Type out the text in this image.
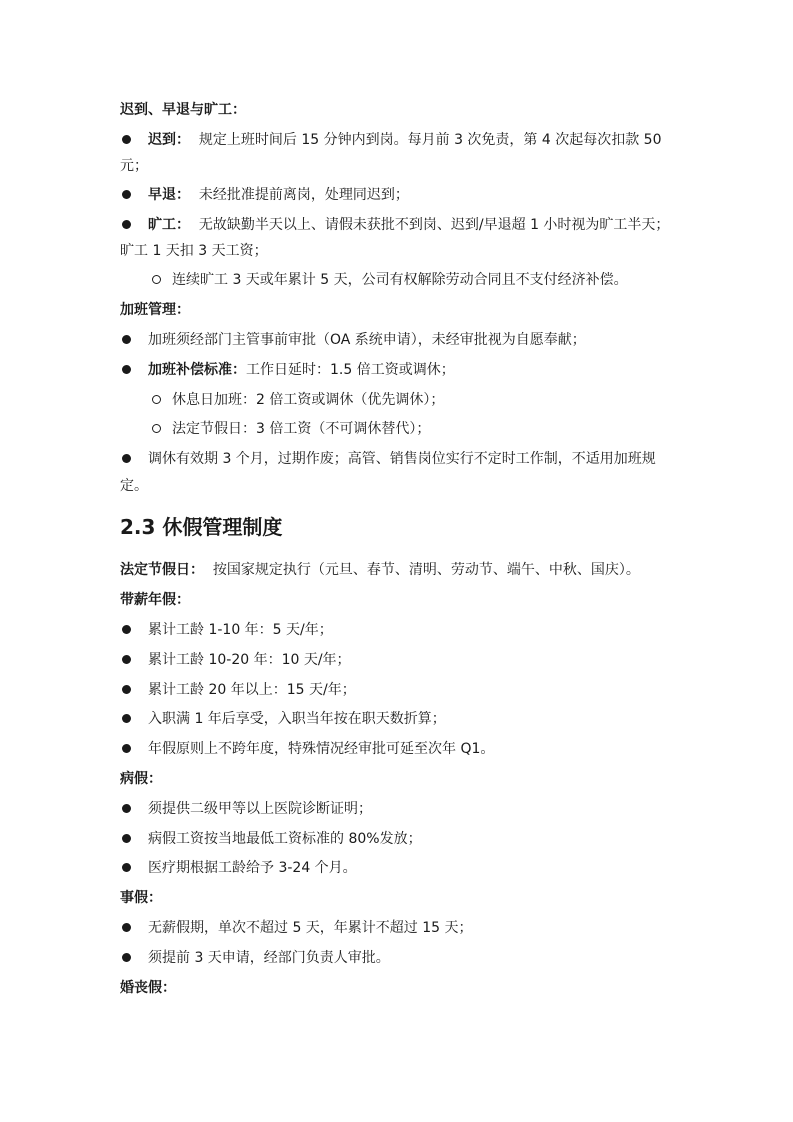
迟到、早退与旷工：
迟到： 规定上班时间后 15 分钟内到岗。每月前 3 次免责，第 4 次起每次扣款 50
元；
早退： 未经批准提前离岗，处理同迟到；
旷工： 无故缺勤半天以上、请假未获批不到岗、迟到/早退超 1 小时视为旷工半天；
旷工 1 天扣 3 天工资；
连续旷工 3 天或年累计 5 天，公司有权解除劳动合同且不支付经济补偿。
加班管理：
加班须经部门主管事前审批（OA 系统申请），未经审批视为自愿奉献；
加班补偿标准：工作日延时：1.5 倍工资或调休；
休息日加班：2 倍工资或调休（优先调休）；
法定节假日：3 倍工资（不可调休替代）；
调休有效期 3 个月，过期作废；高管、销售岗位实行不定时工作制，不适用加班规
定。
2.3 休假管理制度
法定节假日： 按国家规定执行（元旦、春节、清明、劳动节、端午、中秋、国庆）。
带薪年假：
累计工龄 1-10 年：5 天/年；
累计工龄 10-20 年：10 天/年；
累计工龄 20 年以上：15 天/年；
入职满 1 年后享受，入职当年按在职天数折算；
年假原则上不跨年度，特殊情况经审批可延至次年 Q1。
病假：
须提供二级甲等以上医院诊断证明；
病假工资按当地最低工资标准的 80%发放；
医疗期根据工龄给予 3-24 个月。
事假：
无薪假期，单次不超过 5 天，年累计不超过 15 天；
须提前 3 天申请，经部门负责人审批。
婚丧假：
